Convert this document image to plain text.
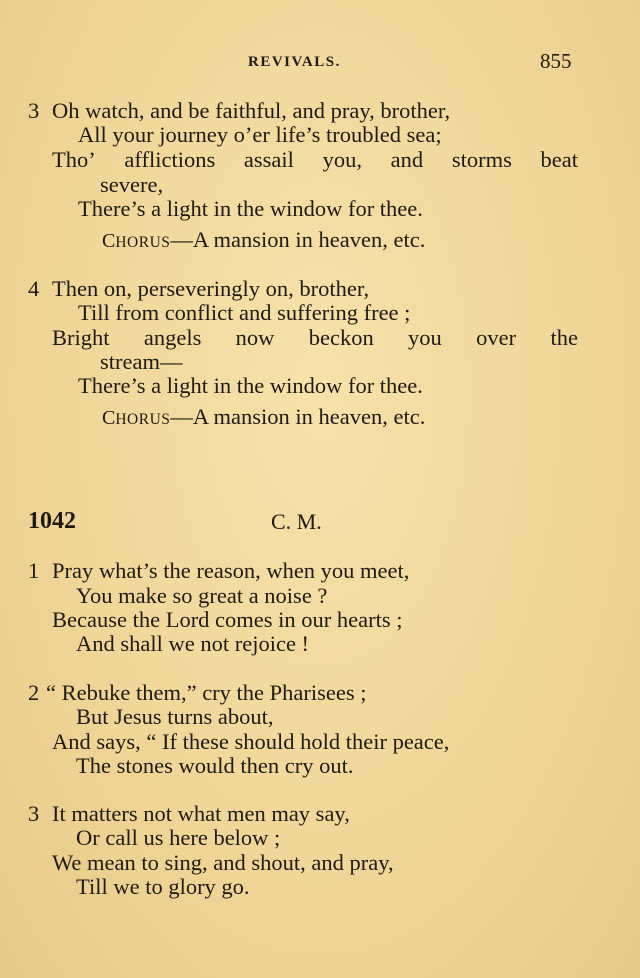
REVIVALS.	855
3 Oh watch, and be faithful, and pray, brother,
All your journey o’er life’s troubled sea;
Tho’ afflictions assail you, and storms beat
severe,
There’s a light in the window for thee.
CHORUS—A mansion in heaven, etc.
4 Then on, perseveringly on, brother,
Till from conflict and suffering free ;
Bright angels now beckon you over the
stream—
There’s a light in the window for thee.
CHORUS—A mansion in heaven, etc.
1042	C. M.
1 Pray what’s the reason, when you meet,
You make so great a noise ?
Because the Lord comes in our hearts ;
And shall we not rejoice !
2 “ Rebuke them,” cry the Pharisees ;
But Jesus turns about,
And says, “ If these should hold their peace,
The stones would then cry out.
3 It matters not what men may say,
Or call us here below ;
We mean to sing, and shout, and pray,
Till we to glory go.
